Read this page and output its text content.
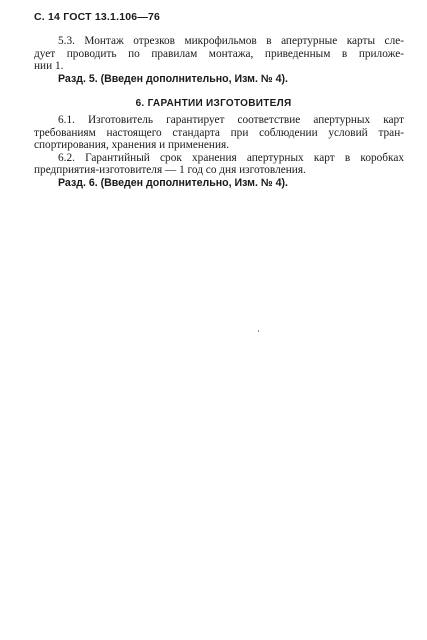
С. 14 ГОСТ 13.1.106—76
5.3. Монтаж отрезков микрофильмов в апертурные карты сле-
дует проводить по правилам монтажа, приведенным в приложе-
нии 1.
Разд. 5. (Введен дополнительно, Изм. № 4).
6. ГАРАНТИИ ИЗГОТОВИТЕЛЯ
6.1. Изготовитель гарантирует соответствие апертурных карт
требованиям настоящего стандарта при соблюдении условий тран-
спортирования, хранения и применения.
6.2. Гарантийный срок хранения апертурных карт в коробках
предприятия-изготовителя — 1 год со дня изготовления.
Разд. 6. (Введен дополнительно, Изм. № 4).
